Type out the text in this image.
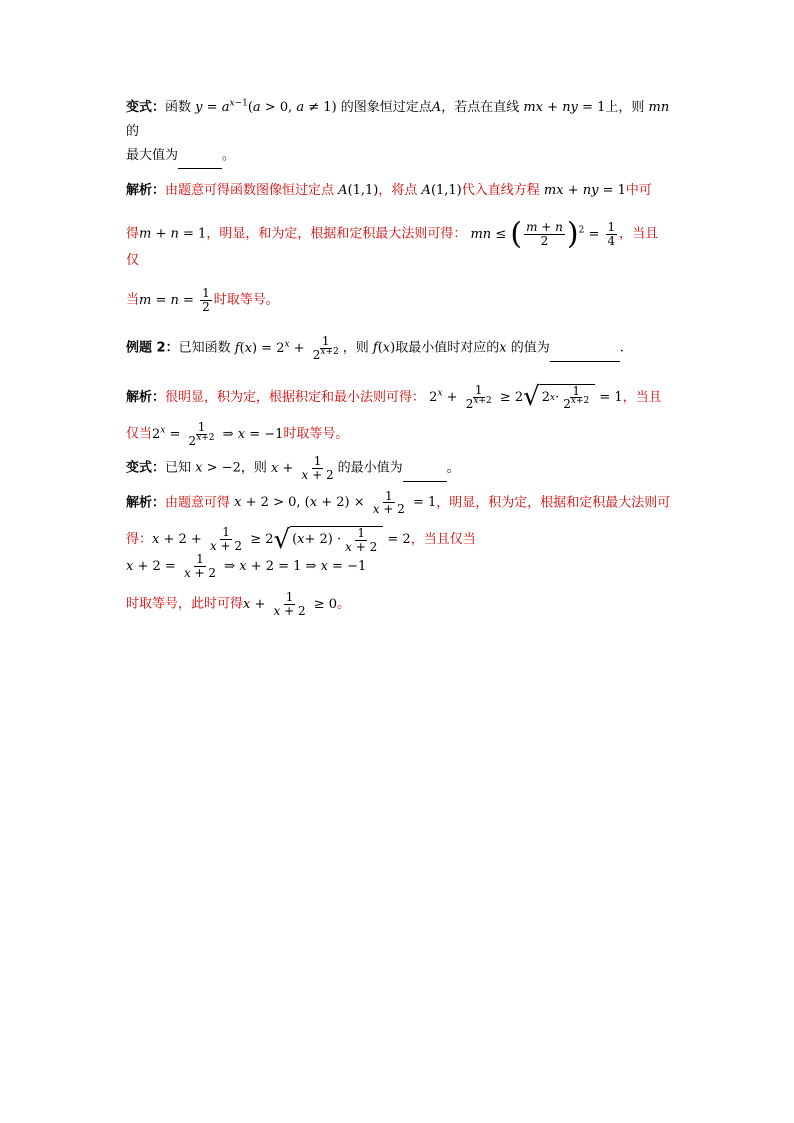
变式：函数 $y = a^{x-1}(a > 0$, a ≠ 1) 的图象恒过定点A，若点在直线 mx + ny = 1上，则 mn的

最大值为	。

解析：由题意可得函数图像恒过定点 A(1,1)，将点 A(1,1)代入直线方程 mx + ny = 1中可

得m + n = 1，明显，和为定，根据和定积最大法则可得： mn ≤ ( $\frac{m + n}{2} )^2 = \frac{1}{4}$ ，当且仅

当$m = n = \frac{1}{2}$ 时取等号。

例题 2：已知函数 $f(x) = 2^x + \frac{1}{2^{x+2}}$ ，则 f(x)取最小值时对应的x 的值为	.

解析：很明显，积为定，根据积定和最小法则可得： $2^x + \frac{1}{2^{x+2}} \ge 2$ √ 2 $x \cdot \frac{1}{2^{x+2}} = 1$，当且

仅当$2^x = \frac{1}{2^{x+2}}$ ⇒ x = −1时取等号。

变式：已知 x > −2，则 $x + \frac{1}{x + 2}$ 的最小值为	。

解析：由题意可得 x + 2 > 0, $(x + 2) \times \frac{1}{x + 2} = 1$，明显，积为定，根据和定积最大法则可

得：$x + 2 + \frac{1}{x + 2} \ge 2$ √ ( $x + 2) \cdot \frac{1}{x + 2} = 2$，当且仅当 $x + 2 = \frac{1}{x + 2}$ ⇒ x + 2 = 1 ⇒ x = −1

时取等号，此时可得$x + \frac{1}{x + 2} \ge 0$。
